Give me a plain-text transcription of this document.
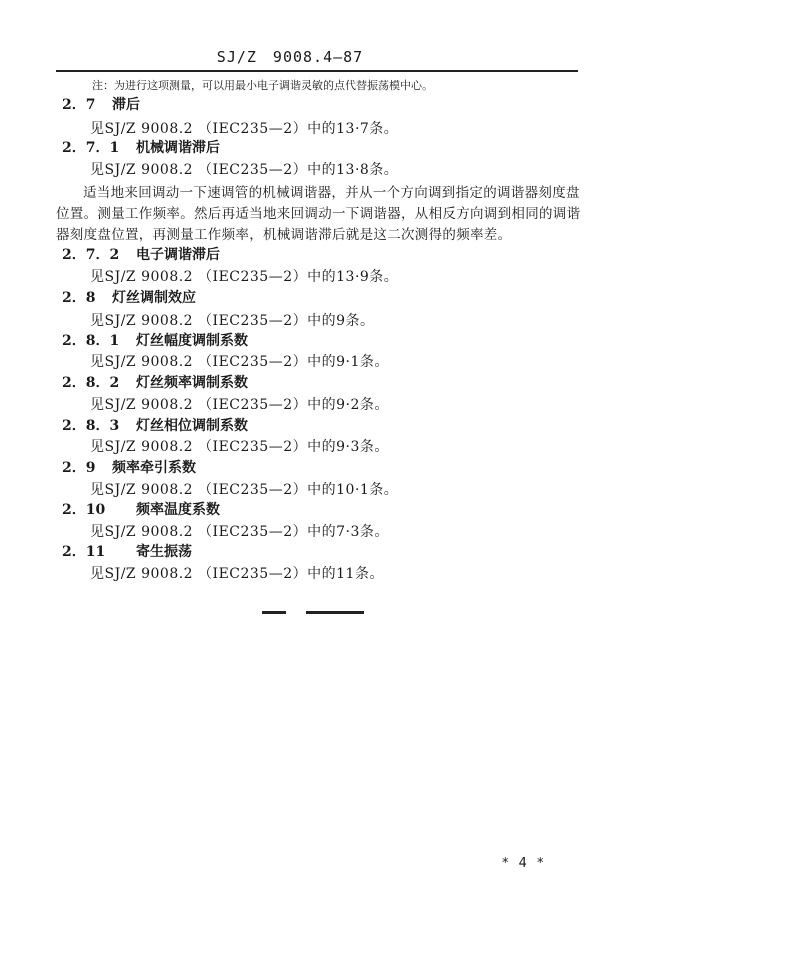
SJ/Z　9008.4—87
注：为进行这项测量，可以用最小电子调谐灵敏的点代替振荡模中心。
2．7 滞后
见SJ/Z 9008.2 （IEC235—2）中的13·7条。
2．7．1 机械调谐滞后
见SJ/Z 9008.2 （IEC235—2）中的13·8条。
适当地来回调动一下速调管的机械调谐器，并从一个方向调到指定的调谐器刻度盘位置。测量工作频率。然后再适当地来回调动一下调谐器，从相反方向调到相同的调谐器刻度盘位置，再测量工作频率，机械调谐滞后就是这二次测得的频率差。
2．7．2 电子调谐滞后
见SJ/Z 9008.2 （IEC235—2）中的13·9条。
2．8 灯丝调制效应
见SJ/Z 9008.2 （IEC235—2）中的9条。
2．8．1 灯丝幅度调制系数
见SJ/Z 9008.2 （IEC235—2）中的9·1条。
2．8．2 灯丝频率调制系数
见SJ/Z 9008.2 （IEC235—2）中的9·2条。
2．8．3 灯丝相位调制系数
见SJ/Z 9008.2 （IEC235—2）中的9·3条。
2．9 频率牵引系数
见SJ/Z 9008.2 （IEC235—2）中的10·1条。
2．10 频率温度系数
见SJ/Z 9008.2 （IEC235—2）中的7·3条。
2．11 寄生振荡
见SJ/Z 9008.2 （IEC235—2）中的11条。
* 4 *
